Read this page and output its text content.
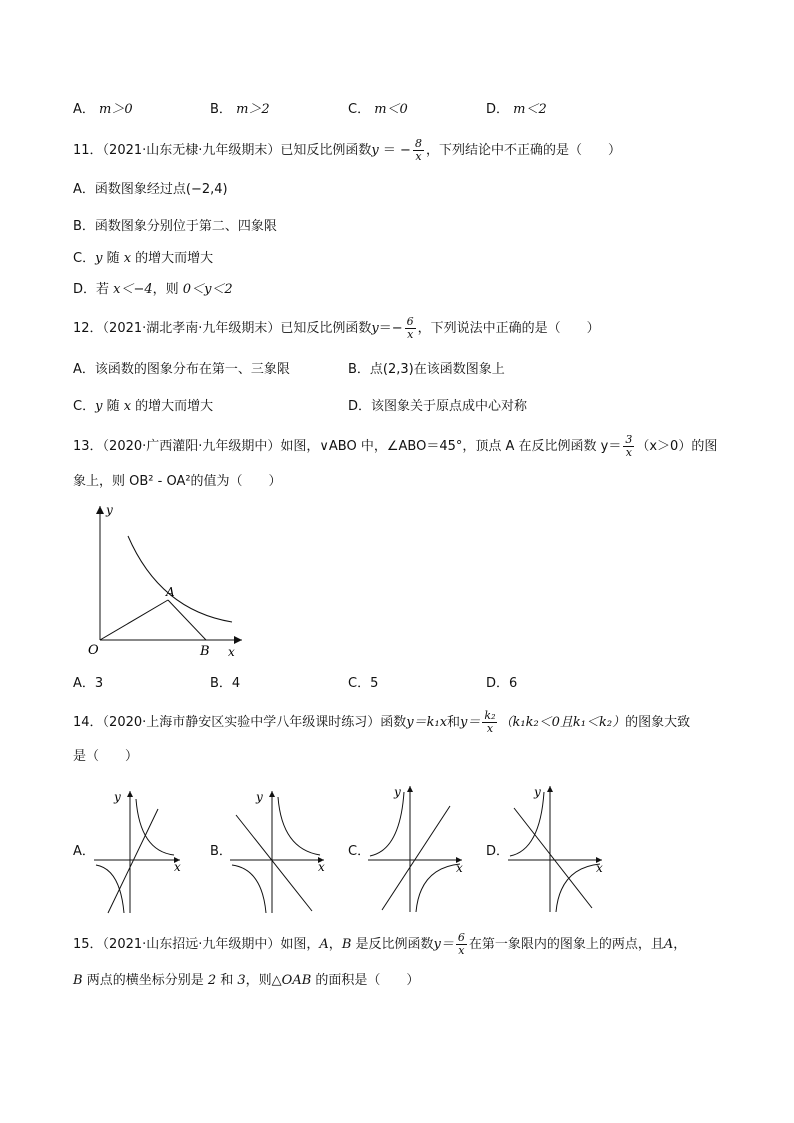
A． m＞0	B． m＞2	C． m＜0	D． m＜2
11．（2021·山东无棣·九年级期末）已知反比例函数y ＝ − $\frac{8}{x}$ ，下列结论中不正确的是（　　）
A．函数图象经过点(−2,4)
B．函数图象分别位于第二、四象限
C．y 随 x 的增大而增大
D．若 x＜−4，则 0＜y＜2
12．（2021·湖北孝南·九年级期末）已知反比例函数$y=- \frac{6}{x}$ ，下列说法中正确的是（　　）
A．该函数的图象分布在第一、三象限	B．点(2,3)在该函数图象上
C．y 随 x 的增大而增大	D．该图象关于原点成中心对称
13．（2020·广西灌阳·九年级期中）如图，∨ABO 中，∠ABO＝45°，顶点 A 在反比例函数 $y= \frac{3}{x} (x>0)$的图
象上，则 OB² - OA²的值为（　　）
y
x
O
A
B
A．3	B．4	C．5	D．6
14．（2020·上海市静安区实验中学八年级课时练习）函数y＝k₁x和$y= \frac{\text{k₂}}{x} (k_1k_2<0$且k₁＜k₂）的图象大致
是（　　）
A．
y
x
B．
y
x
C．
y
x
D．
y
x
15．（2021·山东招远·九年级期中）如图，A，B 是反比例函数$y= \frac{6}{x}$ 在第一象限内的图象上的两点，且A，
B 两点的横坐标分别是 2 和 3，则△OAB 的面积是（　　）
